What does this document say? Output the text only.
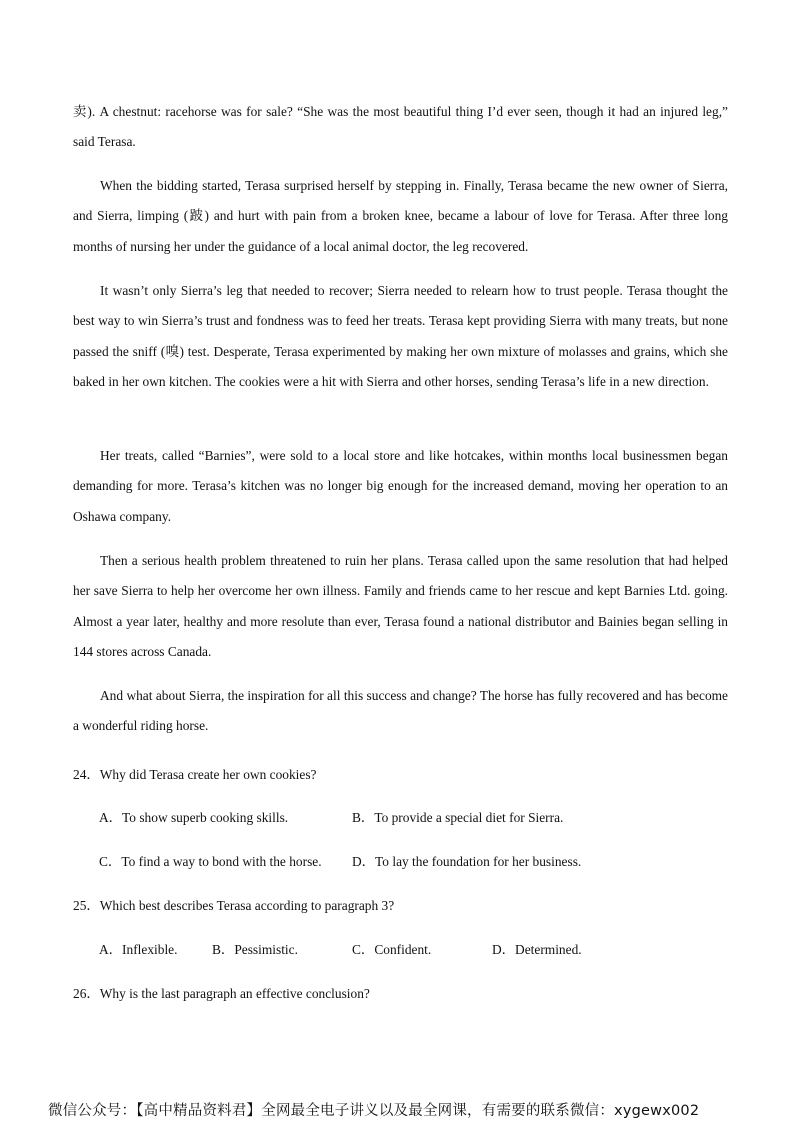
卖). A chestnut: racehorse was for sale? “She was the most beautiful thing I’d ever seen, though it had an injured leg,” said Terasa.

When the bidding started, Terasa surprised herself by stepping in. Finally, Terasa became the new owner of Sierra, and Sierra, limping (跛) and hurt with pain from a broken knee, became a labour of love for Terasa. After three long months of nursing her under the guidance of a local animal doctor, the leg recovered.

It wasn’t only Sierra’s leg that needed to recover; Sierra needed to relearn how to trust people. Terasa thought the best way to win Sierra’s trust and fondness was to feed her treats. Terasa kept providing Sierra with many treats, but none passed the sniff (嗅) test. Desperate, Terasa experimented by making her own mixture of molasses and grains, which she baked in her own kitchen. The cookies were a hit with Sierra and other horses, sending Terasa’s life in a new direction.

Her treats, called “Barnies”, were sold to a local store and like hotcakes, within months local businessmen began demanding for more. Terasa’s kitchen was no longer big enough for the increased demand, moving her operation to an Oshawa company.

Then a serious health problem threatened to ruin her plans. Terasa called upon the same resolution that had helped her save Sierra to help her overcome her own illness. Family and friends came to her rescue and kept Barnies Ltd. going. Almost a year later, healthy and more resolute than ever, Terasa found a national distributor and Bainies began selling in 144 stores across Canada.

And what about Sierra, the inspiration for all this success and change? The horse has fully recovered and has become a wonderful riding horse.

24．Why did Terasa create her own cookies?

A．To show superb cooking skills.	B．To provide a special diet for Sierra.
C．To find a way to bond with the horse. D．To lay the foundation for her business.

25．Which best describes Terasa according to paragraph 3?

A．Inflexible.	B．Pessimistic.	C．Confident.	D．Determined.

26．Why is the last paragraph an effective conclusion?

微信公众号：【高中精品资料君】全网最全电子讲义以及最全网课，有需要的联系微信：xygewx002
